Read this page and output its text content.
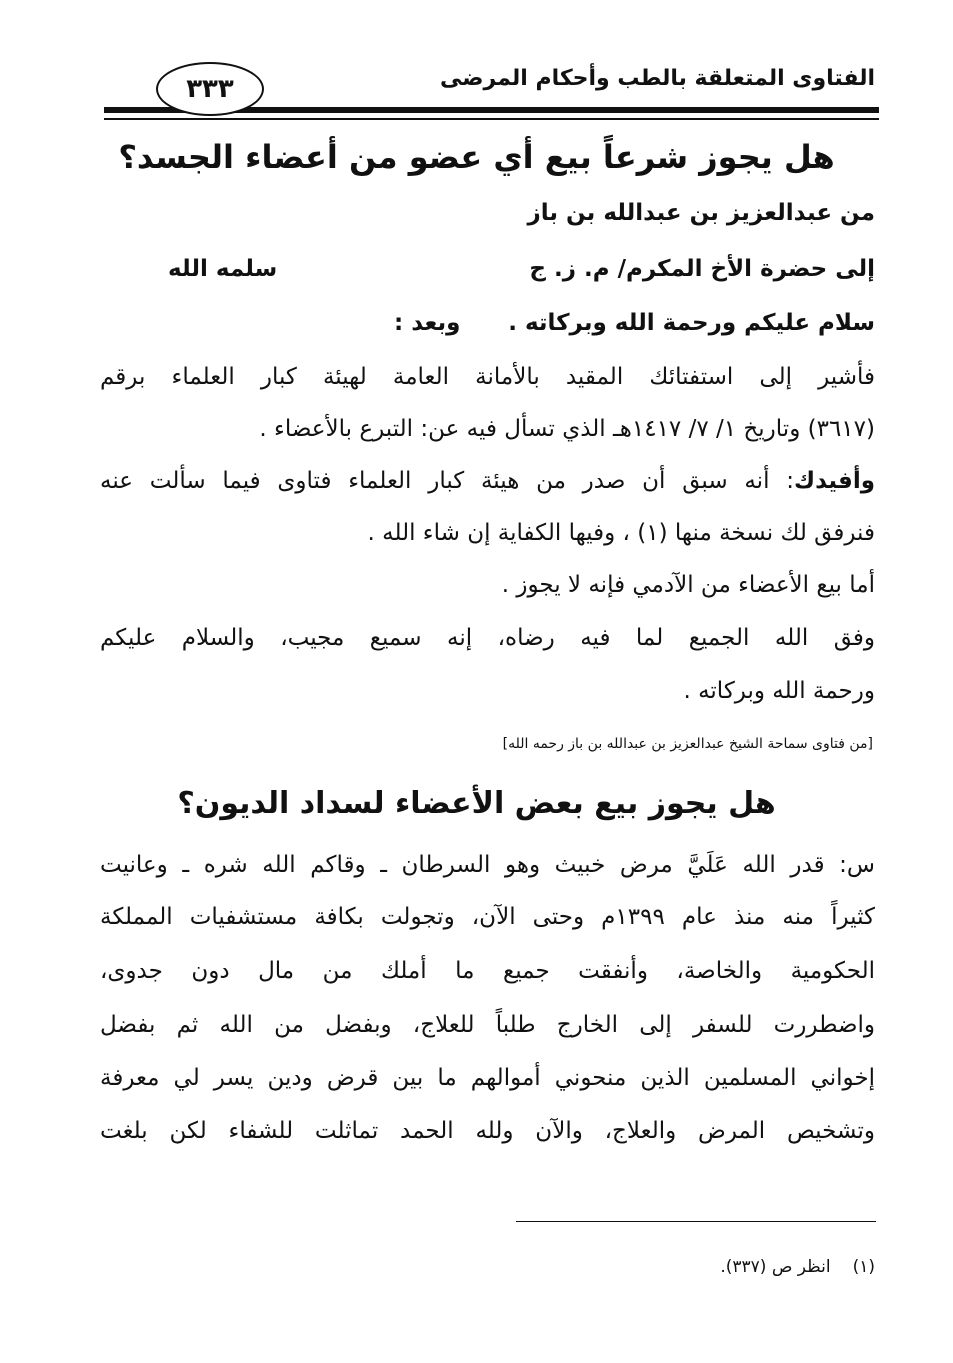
الفتاوى المتعلقة بالطب وأحكام المرضى
٣٣٣
هل يجوز شرعاً بيع أي عضو من أعضاء الجسد؟
من عبدالعزيز بن عبدالله بن باز
إلى حضرة الأخ المكرم/ م. ز. ج
سلمه الله
سلام عليكم ورحمة الله وبركاته .
وبعد :
فأشير إلى استفتائك المقيد بالأمانة العامة لهيئة كبار العلماء برقم
(٣٦١٧) وتاريخ ١/ ٧/ ١٤١٧هـ الذي تسأل فيه عن: التبرع بالأعضاء .
وأفيدك: أنه سبق أن صدر من هيئة كبار العلماء فتاوى فيما سألت عنه
فنرفق لك نسخة منها (١) ، وفيها الكفاية إن شاء الله .
أما بيع الأعضاء من الآدمي فإنه لا يجوز .
وفق الله الجميع لما فيه رضاه، إنه سميع مجيب، والسلام عليكم
ورحمة الله وبركاته .
[من فتاوى سماحة الشيخ عبدالعزيز بن عبدالله بن باز رحمه الله]
هل يجوز بيع بعض الأعضاء لسداد الديون؟
س: قدر الله عَلَيَّ مرض خبيث وهو السرطان ـ وقاكم الله شره ـ وعانيت
كثيراً منه منذ عام ١٣٩٩م وحتى الآن، وتجولت بكافة مستشفيات المملكة
الحكومية والخاصة، وأنفقت جميع ما أملك من مال دون جدوى،
واضطررت للسفر إلى الخارج طلباً للعلاج، وبفضل من الله ثم بفضل
إخواني المسلمين الذين منحوني أموالهم ما بين قرض ودين يسر لي معرفة
وتشخيص المرض والعلاج، والآن ولله الحمد تماثلت للشفاء لكن بلغت
(١)انظر ص (٣٣٧).
